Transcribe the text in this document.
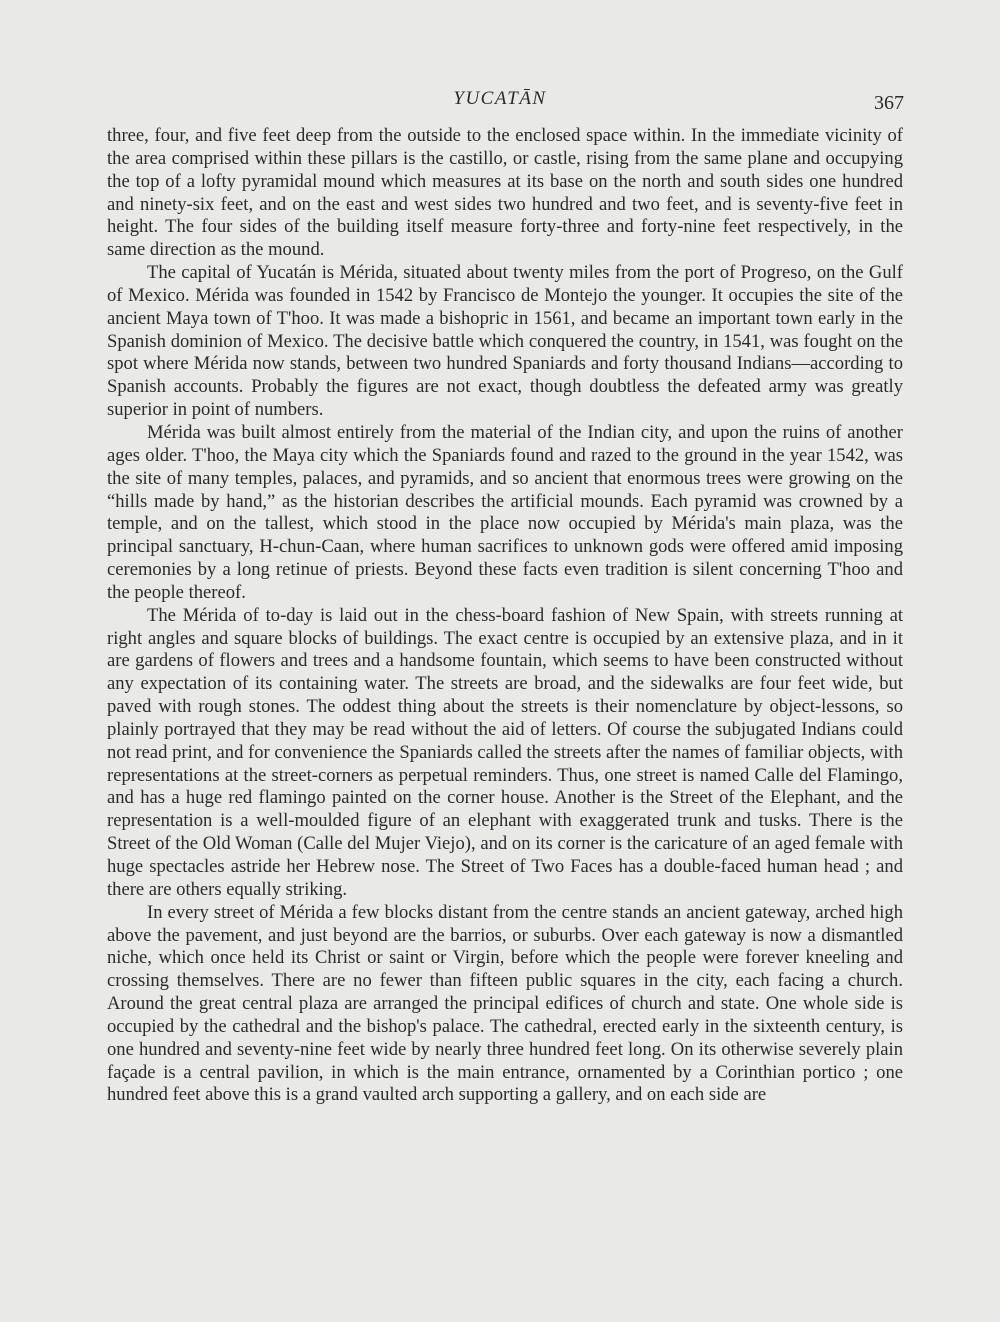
YUCATĀN	367

three, four, and five feet deep from the outside to the enclosed space within. In the immediate vicinity of the area comprised within these pillars is the castillo, or castle, rising from the same plane and occupying the top of a lofty pyramidal mound which measures at its base on the north and south sides one hundred and ninety-six feet, and on the east and west sides two hundred and two feet, and is seventy-five feet in height. The four sides of the building itself measure forty-three and forty-nine feet respectively, in the same direction as the mound.

The capital of Yucatán is Mérida, situated about twenty miles from the port of Progreso, on the Gulf of Mexico. Mérida was founded in 1542 by Francisco de Montejo the younger. It occupies the site of the ancient Maya town of T'hoo. It was made a bishopric in 1561, and became an important town early in the Spanish dominion of Mexico. The decisive battle which conquered the country, in 1541, was fought on the spot where Mérida now stands, between two hundred Spaniards and forty thousand Indians—according to Spanish accounts. Probably the figures are not exact, though doubtless the defeated army was greatly superior in point of numbers.

Mérida was built almost entirely from the material of the Indian city, and upon the ruins of another ages older. T'hoo, the Maya city which the Spaniards found and razed to the ground in the year 1542, was the site of many temples, palaces, and pyramids, and so ancient that enormous trees were growing on the “hills made by hand,” as the historian describes the artificial mounds. Each pyramid was crowned by a temple, and on the tallest, which stood in the place now occupied by Mérida's main plaza, was the principal sanctuary, H-chun-Caan, where human sacrifices to unknown gods were offered amid imposing ceremonies by a long retinue of priests. Beyond these facts even tradition is silent concerning T'hoo and the people thereof.

The Mérida of to-day is laid out in the chess-board fashion of New Spain, with streets running at right angles and square blocks of buildings. The exact centre is occupied by an extensive plaza, and in it are gardens of flowers and trees and a handsome fountain, which seems to have been constructed without any expectation of its containing water. The streets are broad, and the sidewalks are four feet wide, but paved with rough stones. The oddest thing about the streets is their nomenclature by object-lessons, so plainly portrayed that they may be read without the aid of letters. Of course the subjugated Indians could not read print, and for convenience the Spaniards called the streets after the names of familiar objects, with representations at the street-corners as perpetual reminders. Thus, one street is named Calle del Flamingo, and has a huge red flamingo painted on the corner house. Another is the Street of the Elephant, and the representation is a well-moulded figure of an elephant with exaggerated trunk and tusks. There is the Street of the Old Woman (Calle del Mujer Viejo), and on its corner is the caricature of an aged female with huge spectacles astride her Hebrew nose. The Street of Two Faces has a double-faced human head ; and there are others equally striking.

In every street of Mérida a few blocks distant from the centre stands an ancient gateway, arched high above the pavement, and just beyond are the barrios, or suburbs. Over each gateway is now a dismantled niche, which once held its Christ or saint or Virgin, before which the people were forever kneeling and crossing themselves. There are no fewer than fifteen public squares in the city, each facing a church. Around the great central plaza are arranged the principal edifices of church and state. One whole side is occupied by the cathedral and the bishop's palace. The cathedral, erected early in the sixteenth century, is one hundred and seventy-nine feet wide by nearly three hundred feet long. On its otherwise severely plain façade is a central pavilion, in which is the main entrance, ornamented by a Corinthian portico ; one hundred feet above this is a grand vaulted arch supporting a gallery, and on each side are
